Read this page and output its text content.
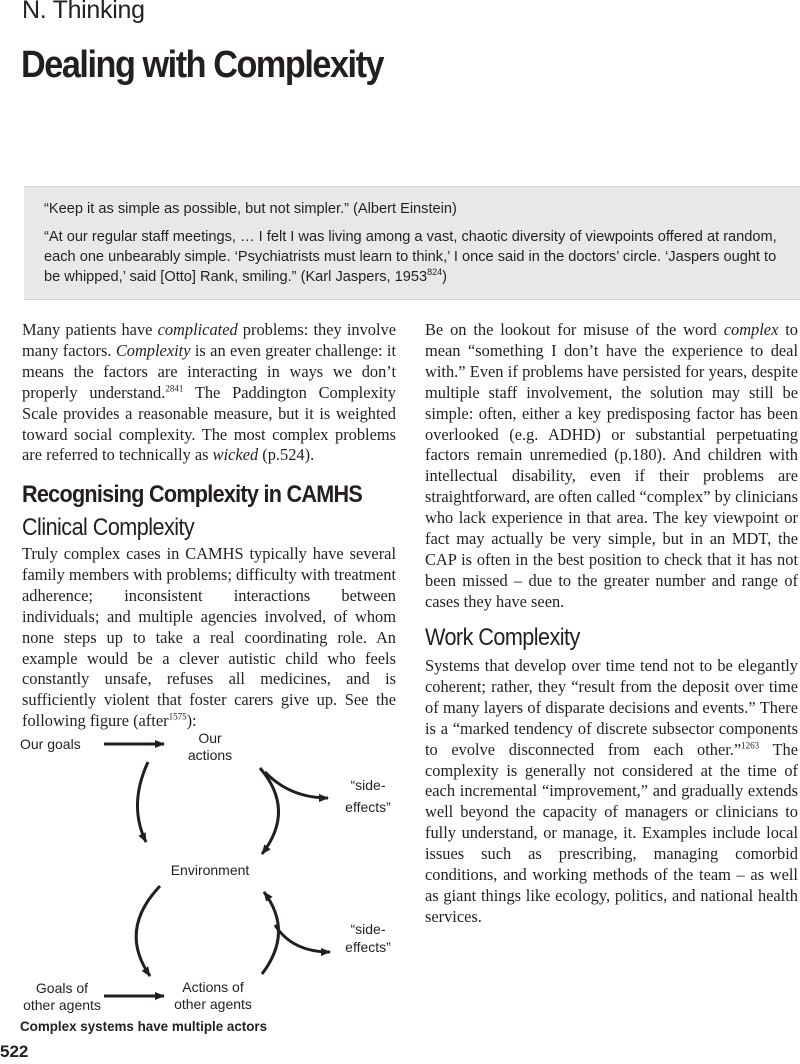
N. Thinking
Dealing with Complexity
“Keep it as simple as possible, but not simpler.” (Albert Einstein)
“At our regular staff meetings, … I felt I was living among a vast, chaotic diversity of viewpoints offered at random, each one unbearably simple. ‘Psychiatrists must learn to think,’ I once said in the doctors’ circle. ‘Jaspers ought to be whipped,’ said [Otto] Rank, smiling.” (Karl Jaspers, 1953$^{824}$)

Many patients have complicated problems: they involve many factors. Complexity is an even greater challenge: it means the factors are interacting in ways we don’t properly understand.$^{2841}$ The Paddington Complexity Scale provides a reasonable measure, but it is weighted toward social complexity. The most complex problems are referred to technically as wicked (p.524).

Recognising Complexity in CAMHS
Clinical Complexity

Truly complex cases in CAMHS typically have several family members with problems; difficulty with treatment adherence; inconsistent interactions between individuals; and multiple agencies involved, of whom none steps up to take a real coordinating role. An example would be a clever autistic child who feels constantly unsafe, refuses all medicines, and is sufficiently violent that foster carers give up. See the following figure (after$^{1575}$):

Be on the lookout for misuse of the word complex to mean “something I don’t have the experience to deal with.” Even if problems have persisted for years, despite multiple staff involvement, the solution may still be simple: often, either a key predisposing factor has been overlooked (e.g. ADHD) or substantial perpetuating factors remain unremedied (p.180). And children with intellectual disability, even if their problems are straightforward, are often called “complex” by clinicians who lack experience in that area. The key viewpoint or fact may actually be very simple, but in an MDT, the CAP is often in the best position to check that it has not been missed – due to the greater number and range of cases they have seen.

Work Complexity

Systems that develop over time tend not to be elegantly coherent; rather, they “result from the deposit over time of many layers of disparate decisions and events.” There is a “marked tendency of discrete subsector components to evolve disconnected from each other.”$^{1263}$ The complexity is generally not considered at the time of each incremental “improvement,” and gradually extends well beyond the capacity of managers or clinicians to fully understand, or manage, it. Examples include local issues such as prescribing, managing comorbid conditions, and working methods of the team – as well as giant things like ecology, politics, and national health services.

Our goals	Our
actions
“side-
effects”
Environment
“side-
effects”
Goals of
other agents
Actions of
other agents
Complex systems have multiple actors
522
